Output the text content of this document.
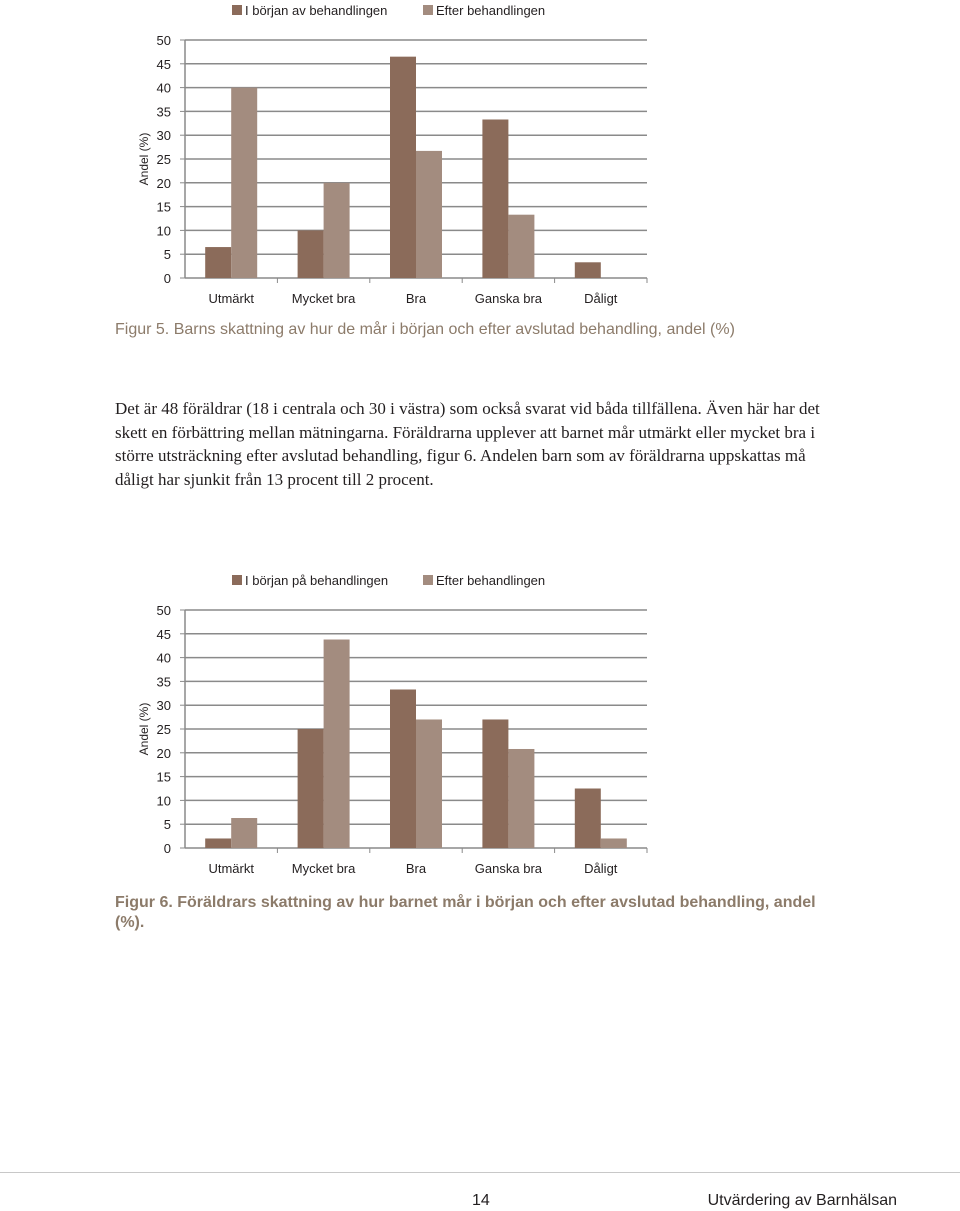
I början av behandlingen	Efter behandlingen
Andel (%)
0
5
10
15
20
25
30
35
40
45
50
Utmärkt	Mycket bra	Bra	Ganska bra	Dåligt
Figur 5. Barns skattning av hur de mår i början och efter avslutad behandling, andel (%)

Det är 48 föräldrar (18 i centrala och 30 i västra) som också svarat vid båda tillfällena. Även här har det skett en förbättring mellan mätningarna. Föräldrarna upplever att barnet mår utmärkt eller mycket bra i större utsträckning efter avslutad behandling, figur 6. Andelen barn som av föräldrarna uppskattas må dåligt har sjunkit från 13 procent till 2 procent.

I början på behandlingen	Efter behandlingen
Andel (%)
0
5
10
15
20
25
30
35
40
45
50
Utmärkt	Mycket bra	Bra	Ganska bra	Dåligt
Figur 6. Föräldrars skattning av hur barnet mår i början och efter avslutad behandling, andel (%).
14	Utvärdering av Barnhälsan
